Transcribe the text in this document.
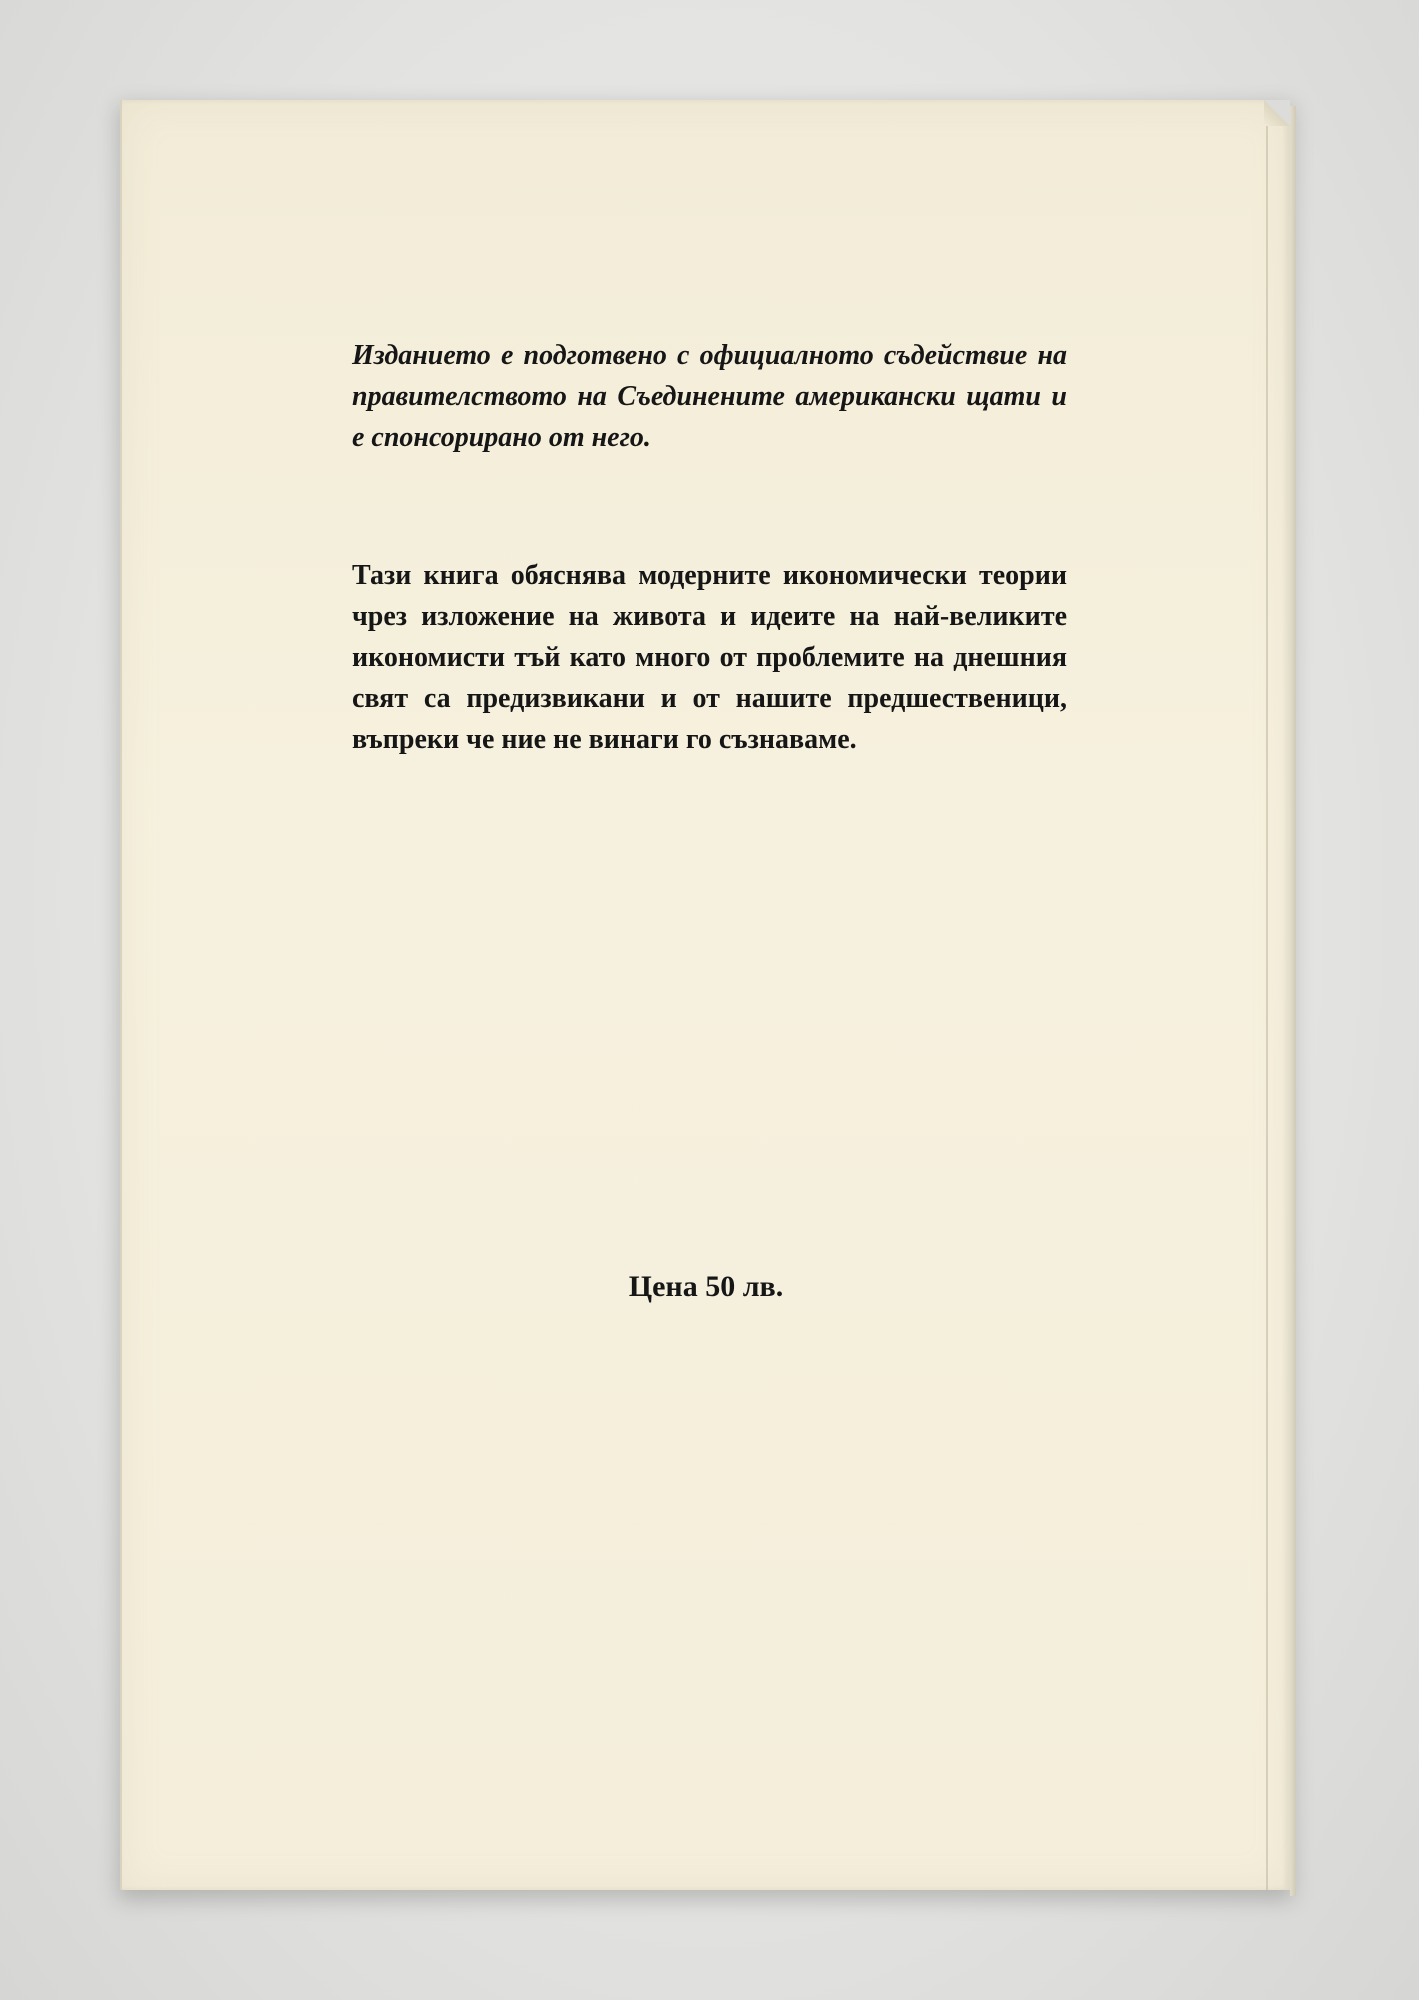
Изданието е подготвено с официалното съдействие на правителството на Съединените американски щати и е спонсорирано от него.

Тази книга обяснява модерните икономически теории чрез изложение на живота и идеите на най-великите икономисти тъй като много от проблемите на днешния свят са предизвикани и от нашите предшественици, въпреки че ние не винаги го съзнаваме.

Цена 50 лв.
